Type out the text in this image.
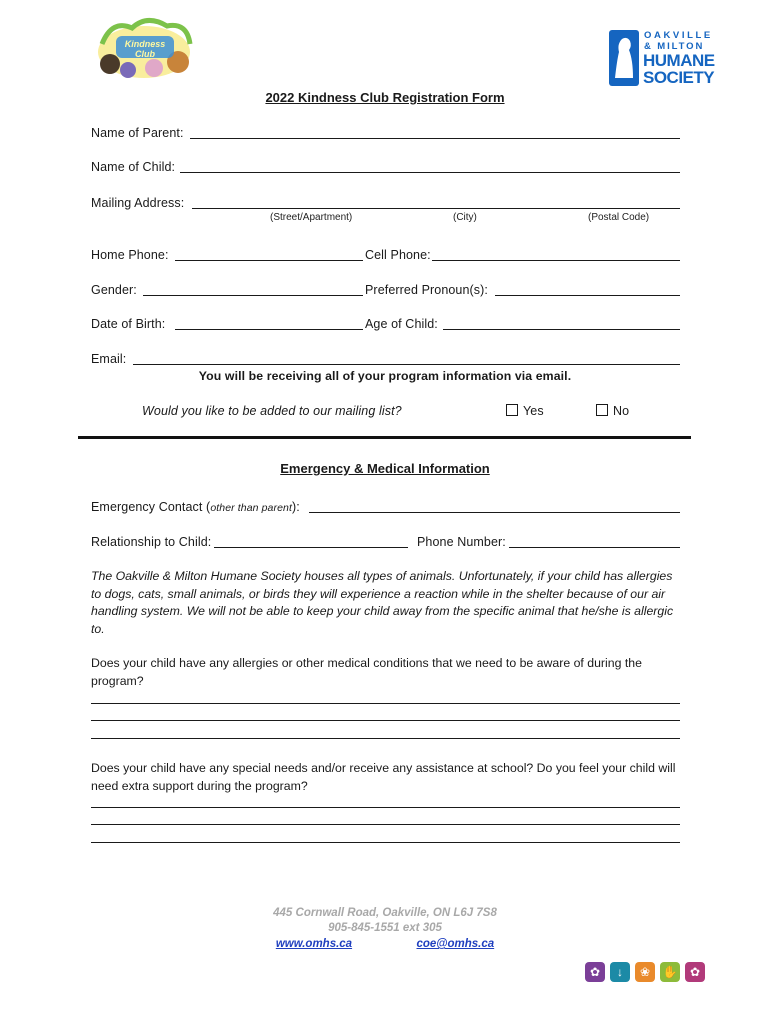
Kindness Club
OAKVILLE
& MILTON
HUMANE
SOCIETY
2022 Kindness Club Registration Form
Name of Parent:
Name of Child:
Mailing Address:
(Street/Apartment)	(City)	(Postal Code)
Home Phone:	Cell Phone:
Gender:	Preferred Pronoun(s):
Date of Birth:	Age of Child:
Email:
You will be receiving all of your program information via email.
Would you like to be added to our mailing list?	Yes	No
Emergency & Medical Information
Emergency Contact (other than parent):
Relationship to Child:	Phone Number:
The Oakville & Milton Humane Society houses all types of animals. Unfortunately, if your child has allergies to dogs, cats, small animals, or birds they will experience a reaction while in the shelter because of our air handling system. We will not be able to keep your child away from the specific animal that he/she is allergic to.
Does your child have any allergies or other medical conditions that we need to be aware of during the program?
Does your child have any special needs and/or receive any assistance at school? Do you feel your child will need extra support during the program?
445 Cornwall Road, Oakville, ON L6J 7S8
905-845-1551 ext 305
www.omhs.ca	coe@omhs.ca
✿	↓	❀	✋	✿
